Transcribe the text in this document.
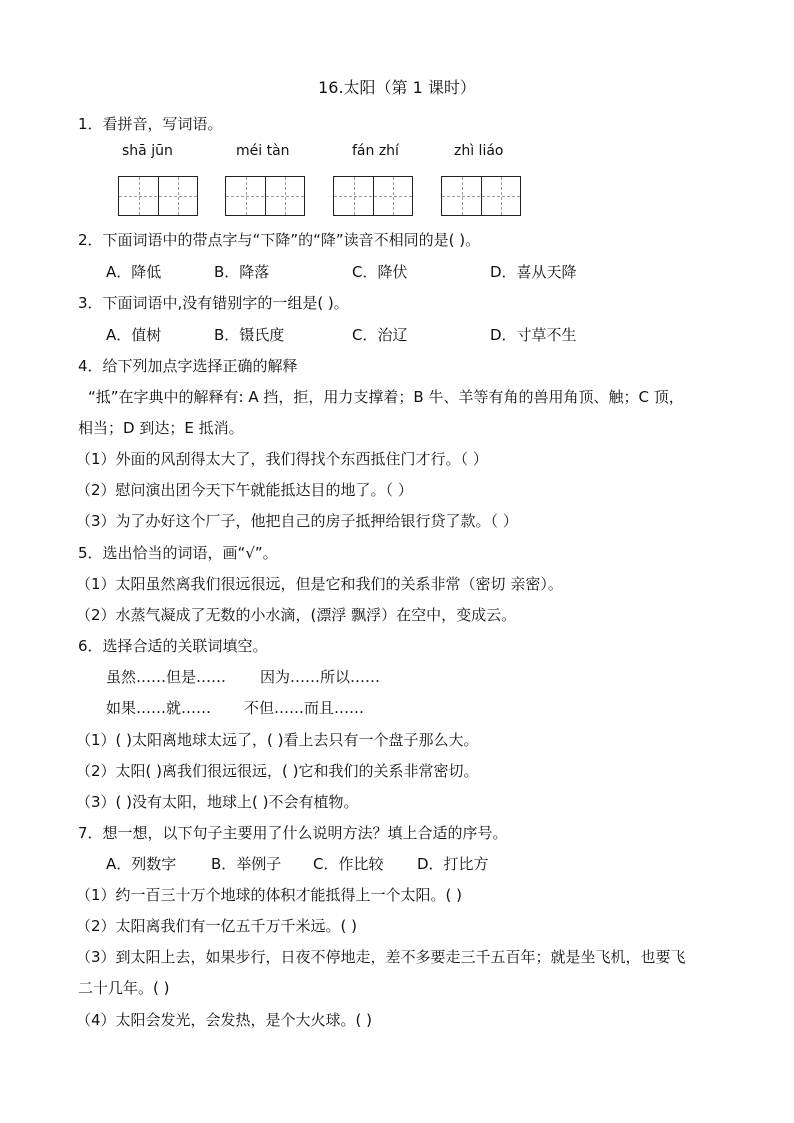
16.太阳（第 1 课时）
1．看拼音，写词语。
shā jūn	méi tàn	fán zhí	zhì liáo
2．下面词语中的带点字与“下降”的“降”读音不相同的是( )。
A．降低	B．降落	C．降伏	D．喜从天降
3．下面词语中,没有错别字的一组是( )。
A．值树	B．镊氏度	C．治辽	D．寸草不生
4．给下列加点字选择正确的解释
“抵”在字典中的解释有: A 挡，拒，用力支撑着；B 牛、羊等有角的兽用角顶、触；C 顶，
相当；D 到达；E 抵消。
（1）外面的风刮得太大了，我们得找个东西抵住门才行。（ ）
（2）慰问演出团今天下午就能抵达目的地了。（ ）
（3）为了办好这个厂子，他把自己的房子抵押给银行贷了款。（ ）
5．选出恰当的词语，画“√”。
（1）太阳虽然离我们很远很远，但是它和我们的关系非常（密切 亲密）。
（2）水蒸气凝成了无数的小水滴，(漂浮 飘浮）在空中，变成云。
6．选择合适的关联词填空。
虽然……但是…… 因为……所以……
如果……就…… 不但……而且……
（1）( )太阳离地球太远了，( )看上去只有一个盘子那么大。
（2）太阳( )离我们很远很远，( )它和我们的关系非常密切。
（3）( )没有太阳，地球上( )不会有植物。
7．想一想，以下句子主要用了什么说明方法？填上合适的序号。
A．列数字 B．举例子 C．作比较 D．打比方
（1）约一百三十万个地球的体积才能抵得上一个太阳。( )
（2）太阳离我们有一亿五千万千米远。( )
（3）到太阳上去，如果步行，日夜不停地走，差不多要走三千五百年；就是坐飞机，也要飞
二十几年。( )
（4）太阳会发光，会发热，是个大火球。( )
